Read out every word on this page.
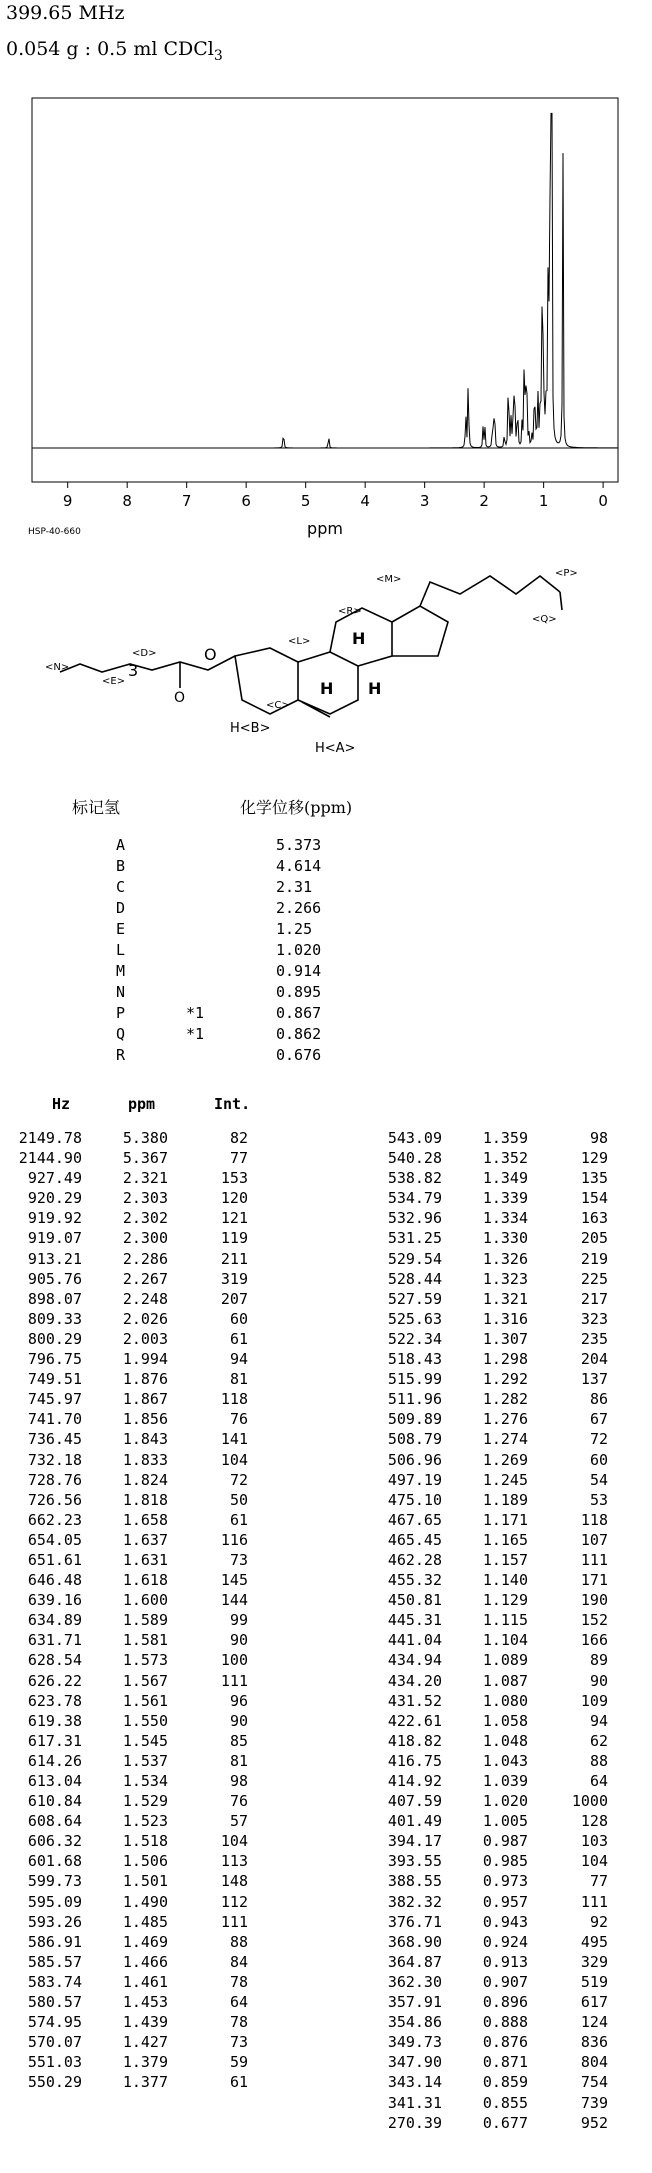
399.65 MHz
0.054 g : 0.5 ml CDCl$_3$
9	8	7	6	5	4	3	2	1	0
ppm
HSP-40-660
<M>
<P>
<Q>
<L>
<E>
<D>
<N>
<R>
<C>
H
H H
H<B>
H<A>
3
O
O
标记氢	化学位移(ppm)
A	5.373
B	4.614
C	2.31
D	2.266
E	1.25
L	1.020
M	0.914
N	0.895
P	*1	0.867
Q	*1	0.862
R	0.676
Hz	ppm	Int.
2149.78	5.380	82
2144.90	5.367	77
927.49	2.321	153
920.29	2.303	120
919.92	2.302	121
919.07	2.300	119
913.21	2.286	211
905.76	2.267	319
898.07	2.248	207
809.33	2.026	60
800.29	2.003	61
796.75	1.994	94
749.51	1.876	81
745.97	1.867	118
741.70	1.856	76
736.45	1.843	141
732.18	1.833	104
728.76	1.824	72
726.56	1.818	50
662.23	1.658	61
654.05	1.637	116
651.61	1.631	73
646.48	1.618	145
639.16	1.600	144
634.89	1.589	99
631.71	1.581	90
628.54	1.573	100
626.22	1.567	111
623.78	1.561	96
619.38	1.550	90
617.31	1.545	85
614.26	1.537	81
613.04	1.534	98
610.84	1.529	76
608.64	1.523	57
606.32	1.518	104
601.68	1.506	113
599.73	1.501	148
595.09	1.490	112
593.26	1.485	111
586.91	1.469	88
585.57	1.466	84
583.74	1.461	78
580.57	1.453	64
574.95	1.439	78
570.07	1.427	73
551.03	1.379	59
550.29	1.377	61
543.09	1.359	98
540.28	1.352	129
538.82	1.349	135
534.79	1.339	154
532.96	1.334	163
531.25	1.330	205
529.54	1.326	219
528.44	1.323	225
527.59	1.321	217
525.63	1.316	323
522.34	1.307	235
518.43	1.298	204
515.99	1.292	137
511.96	1.282	86
509.89	1.276	67
508.79	1.274	72
506.96	1.269	60
497.19	1.245	54
475.10	1.189	53
467.65	1.171	118
465.45	1.165	107
462.28	1.157	111
455.32	1.140	171
450.81	1.129	190
445.31	1.115	152
441.04	1.104	166
434.94	1.089	89
434.20	1.087	90
431.52	1.080	109
422.61	1.058	94
418.82	1.048	62
416.75	1.043	88
414.92	1.039	64
407.59	1.020	1000
401.49	1.005	128
394.17	0.987	103
393.55	0.985	104
388.55	0.973	77
382.32	0.957	111
376.71	0.943	92
368.90	0.924	495
364.87	0.913	329
362.30	0.907	519
357.91	0.896	617
354.86	0.888	124
349.73	0.876	836
347.90	0.871	804
343.14	0.859	754
341.31	0.855	739
270.39	0.677	952
